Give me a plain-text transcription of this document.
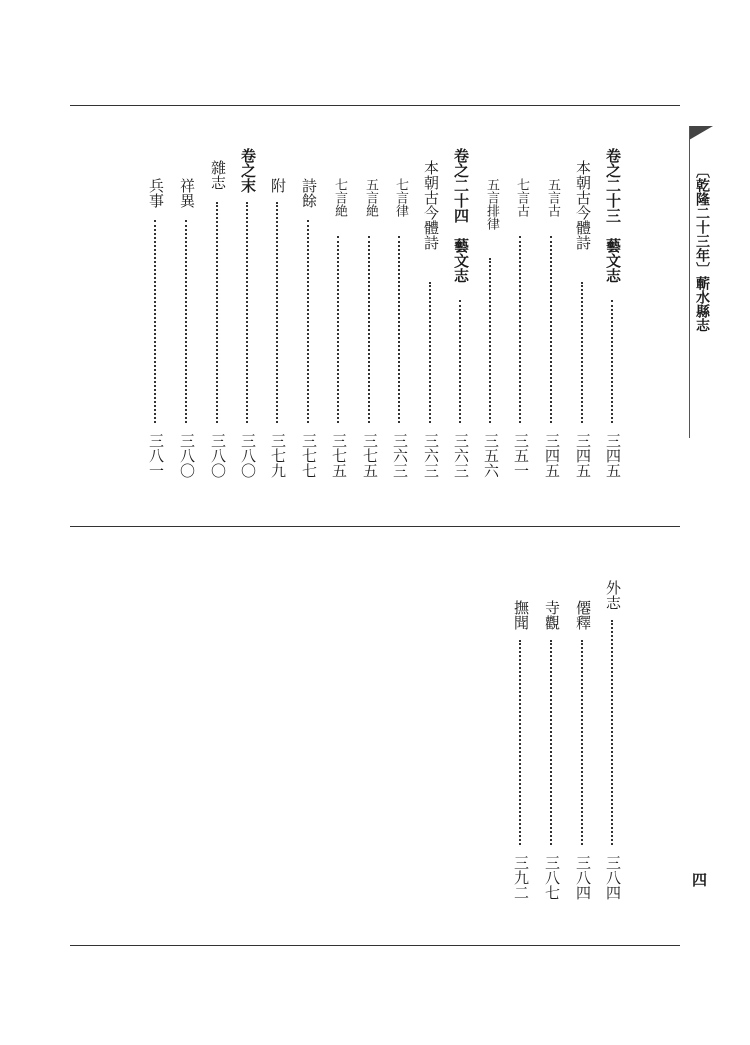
〔乾隆二十三年〕蘄水縣志
四
卷之二十三　藝文志
三四五
本朝古今體詩
三四五
五言古
三四五
七言古
三五一
五言排律
三五六
卷之二十四　藝文志
三六三
本朝古今體詩
三六三
七言律
三六三
五言絶
三七五
七言絶
三七五
詩餘
三七七
附
三七九
卷之末
三八〇
雜志
三八〇
祥異
三八〇
兵事
三八一
外志
三八四
僊釋
三八四
寺觀
三八七
撫聞
三九二
